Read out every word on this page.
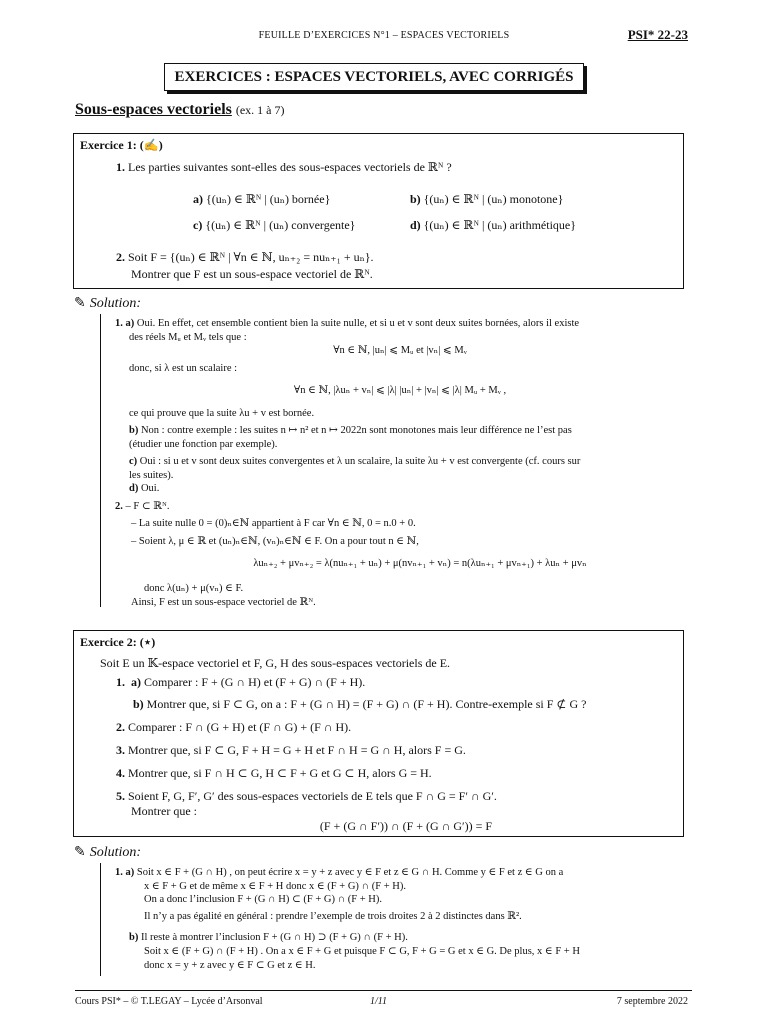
FEUILLE D’EXERCICES N°1 – ESPACES VECTORIELS	PSI* 22-23
EXERCICES : ESPACES VECTORIELS, AVEC CORRIGÉS
Sous-espaces vectoriels (ex. 1 à 7)
Exercice 1: (✍)
1. Les parties suivantes sont-elles des sous-espaces vectoriels de ℝᴺ ?
a) {(uₙ) ∈ ℝᴺ | (uₙ) bornée}	b) {(uₙ) ∈ ℝᴺ | (uₙ) monotone}
c) {(uₙ) ∈ ℝᴺ | (uₙ) convergente}	d) {(uₙ) ∈ ℝᴺ | (uₙ) arithmétique}
2. Soit F = {(uₙ) ∈ ℝᴺ | ∀n ∈ ℕ, uₙ₊₂ = nuₙ₊₁ + uₙ}.
Montrer que F est un sous-espace vectoriel de ℝᴺ.
✎ Solution:
1. a) Oui. En effet, cet ensemble contient bien la suite nulle, et si u et v sont deux suites bornées, alors il existe
des réels Mᵤ et Mᵥ tels que :
∀n ∈ ℕ, |uₙ| ⩽ Mᵤ et |vₙ| ⩽ Mᵥ
donc, si λ est un scalaire :
∀n ∈ ℕ, |λuₙ + vₙ| ⩽ |λ| |uₙ| + |vₙ| ⩽ |λ| Mᵤ + Mᵥ ,
ce qui prouve que la suite λu + v est bornée.
b) Non : contre exemple : les suites n ↦ n² et n ↦ 2022n sont monotones mais leur différence ne l’est pas
(étudier une fonction par exemple).
c) Oui : si u et v sont deux suites convergentes et λ un scalaire, la suite λu + v est convergente (cf. cours sur
les suites).
d) Oui.
2. – F ⊂ ℝᴺ.
– La suite nulle 0 = (0)ₙ∈ℕ appartient à F car ∀n ∈ ℕ, 0 = n.0 + 0.
– Soient λ, μ ∈ ℝ et (uₙ)ₙ∈ℕ, (vₙ)ₙ∈ℕ ∈ F. On a pour tout n ∈ ℕ,
λuₙ₊₂ + μvₙ₊₂ = λ(nuₙ₊₁ + uₙ) + μ(nvₙ₊₁ + vₙ) = n(λuₙ₊₁ + μvₙ₊₁) + λuₙ + μvₙ
donc λ(uₙ) + μ(vₙ) ∈ F.
Ainsi, F est un sous-espace vectoriel de ℝᴺ.
Exercice 2: (⋆)
Soit E un 𝕂-espace vectoriel et F, G, H des sous-espaces vectoriels de E.
1. a) Comparer : F + (G ∩ H) et (F + G) ∩ (F + H).
b) Montrer que, si F ⊂ G, on a : F + (G ∩ H) = (F + G) ∩ (F + H). Contre-exemple si F ⊄ G ?
2. Comparer : F ∩ (G + H) et (F ∩ G) + (F ∩ H).
3. Montrer que, si F ⊂ G, F + H = G + H et F ∩ H = G ∩ H, alors F = G.
4. Montrer que, si F ∩ H ⊂ G, H ⊂ F + G et G ⊂ H, alors G = H.
5. Soient F, G, F′, G′ des sous-espaces vectoriels de E tels que F ∩ G = F′ ∩ G′.
Montrer que :
(F + (G ∩ F′)) ∩ (F + (G ∩ G′)) = F
✎ Solution:
1. a) Soit x ∈ F + (G ∩ H) , on peut écrire x = y + z avec y ∈ F et z ∈ G ∩ H. Comme y ∈ F et z ∈ G on a
x ∈ F + G et de même x ∈ F + H donc x ∈ (F + G) ∩ (F + H).
On a donc l’inclusion F + (G ∩ H) ⊂ (F + G) ∩ (F + H).
Il n’y a pas égalité en général : prendre l’exemple de trois droites 2 à 2 distinctes dans ℝ².
b) Il reste à montrer l’inclusion F + (G ∩ H) ⊃ (F + G) ∩ (F + H).
Soit x ∈ (F + G) ∩ (F + H) . On a x ∈ F + G et puisque F ⊂ G, F + G = G et x ∈ G. De plus, x ∈ F + H
donc x = y + z avec y ∈ F ⊂ G et z ∈ H.
Cours PSI* – © T.LEGAY – Lycée d’Arsonval	1/11	7 septembre 2022
